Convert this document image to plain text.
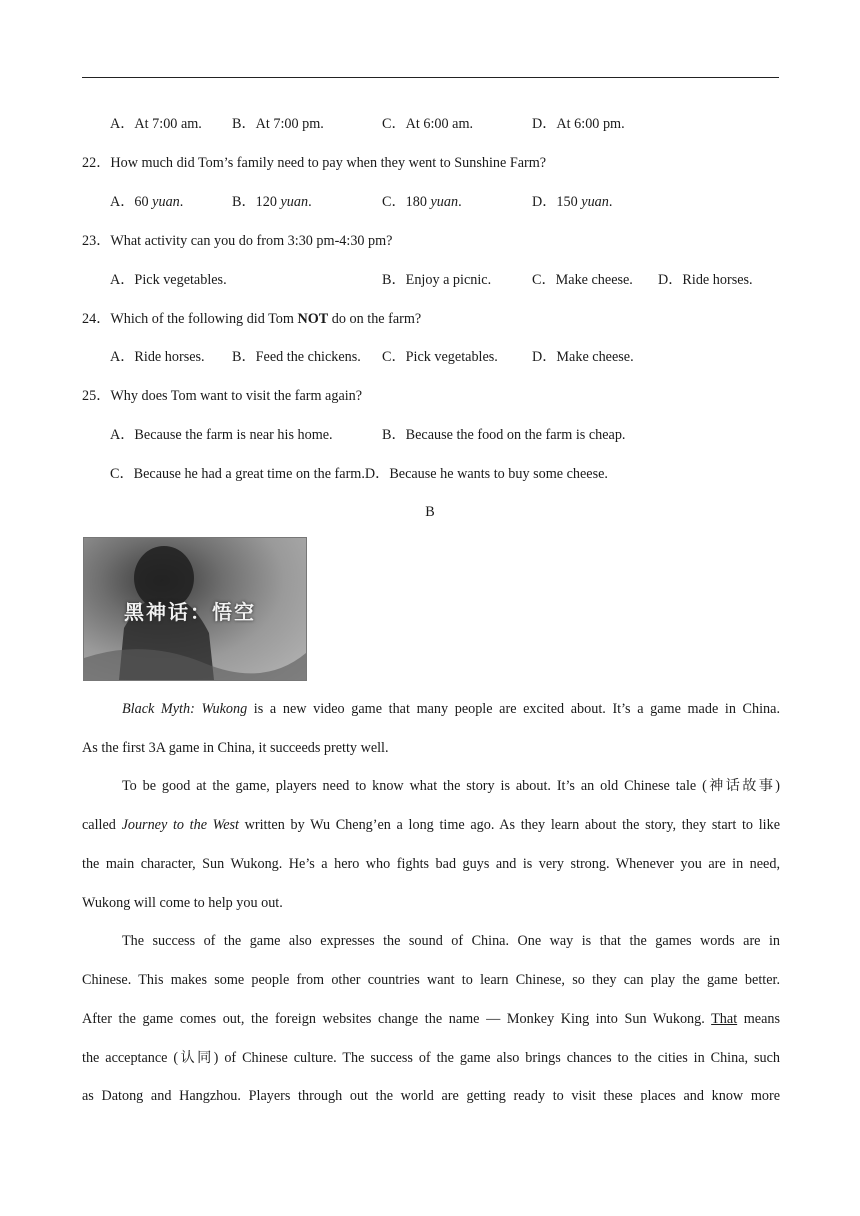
A．At 7:00 am. B．At 7:00 pm.	C．At 6:00 am.	D．At 6:00 pm.
22．How much did Tom’s family need to pay when they went to Sunshine Farm?
A．60 yuan.	B．120 yuan.	C．180 yuan.	D．150 yuan.
23．What activity can you do from 3:30 pm-4:30 pm?
A．Pick vegetables.	B．Enjoy a picnic.	C．Make cheese. D．Ride horses.
24．Which of the following did Tom NOT do on the farm?
A．Ride horses. B．Feed the chickens. C．Pick vegetables. D．Make cheese.
25．Why does Tom want to visit the farm again?
A．Because the farm is near his home.	B．Because the food on the farm is cheap.
C．Because he had a great time on the farm.D．Because he wants to buy some cheese.
B
黑神话：悟空
Black Myth: Wukong is a new video game that many people are excited about. It’s a game made in China.
As the first 3A game in China, it succeeds pretty well.
To be good at the game, players need to know what the story is about. It’s an old Chinese tale (神话故事)
called Journey to the West written by Wu Cheng’en a long time ago. As they learn about the story, they start to like
the main character, Sun Wukong. He’s a hero who fights bad guys and is very strong. Whenever you are in need,
Wukong will come to help you out.
The success of the game also expresses the sound of China. One way is that the games words are in
Chinese. This makes some people from other countries want to learn Chinese, so they can play the game better.
After the game comes out, the foreign websites change the name — Monkey King into Sun Wukong. That means
the acceptance (认同) of Chinese culture. The success of the game also brings chances to the cities in China, such
as Datong and Hangzhou. Players through out the world are getting ready to visit these places and know more
